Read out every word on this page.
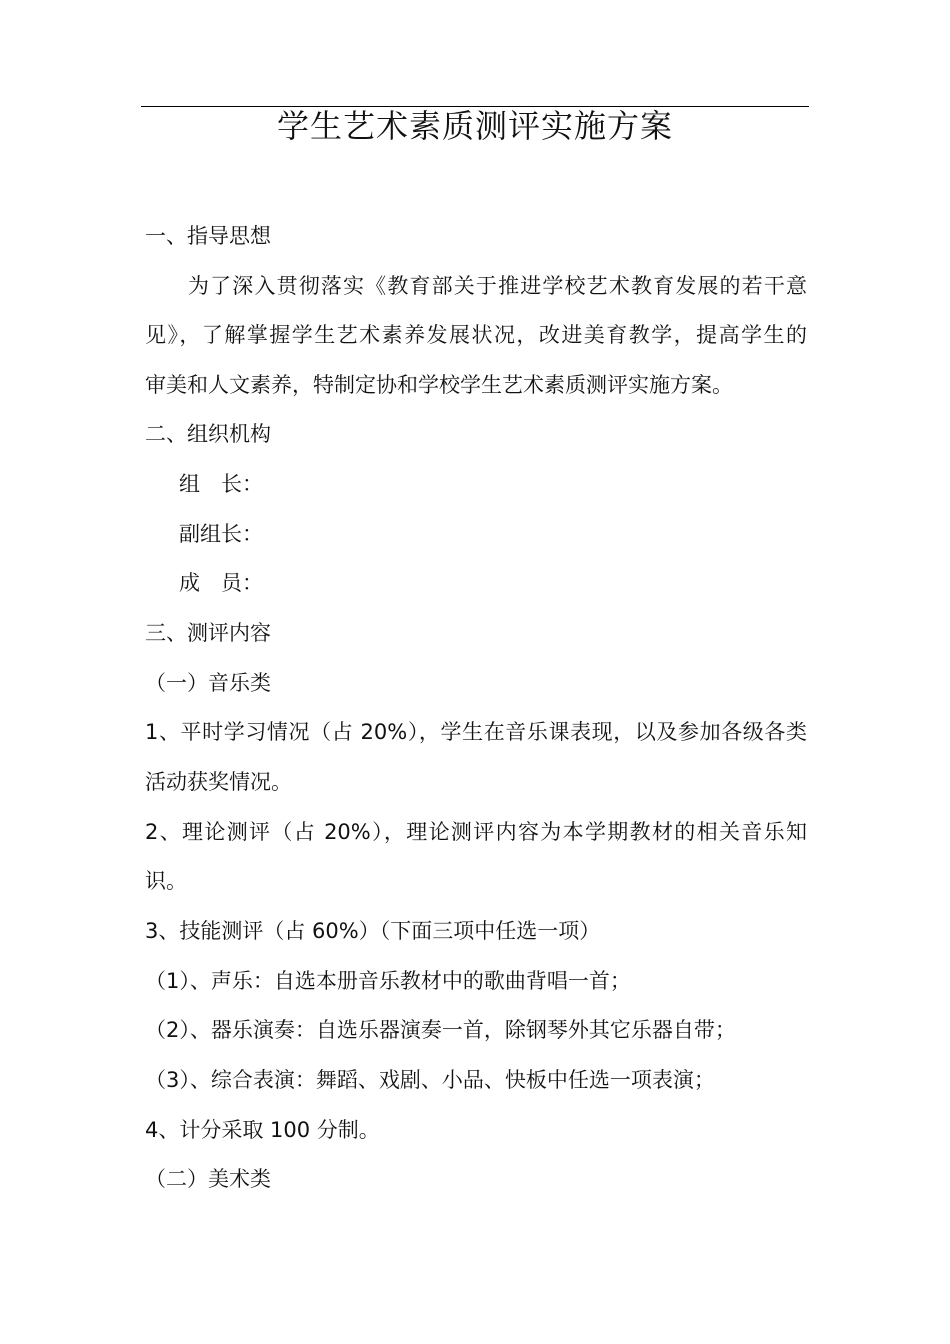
学生艺术素质测评实施方案
一、指导思想
为了深入贯彻落实《教育部关于推进学校艺术教育发展的若干意
见》，了解掌握学生艺术素养发展状况，改进美育教学，提高学生的
审美和人文素养，特制定协和学校学生艺术素质测评实施方案。
二、组织机构
组　长：
副组长：
成　员：
三、测评内容
（一）音乐类
1、平时学习情况（占 20%），学生在音乐课表现，以及参加各级各类
活动获奖情况。
2、理论测评（占 20%），理论测评内容为本学期教材的相关音乐知
识。
3、技能测评（占 60%）（下面三项中任选一项）
（1）、声乐：自选本册音乐教材中的歌曲背唱一首；
（2）、器乐演奏：自选乐器演奏一首，除钢琴外其它乐器自带；
（3）、综合表演：舞蹈、戏剧、小品、快板中任选一项表演；
4、计分采取 100 分制。
（二）美术类
